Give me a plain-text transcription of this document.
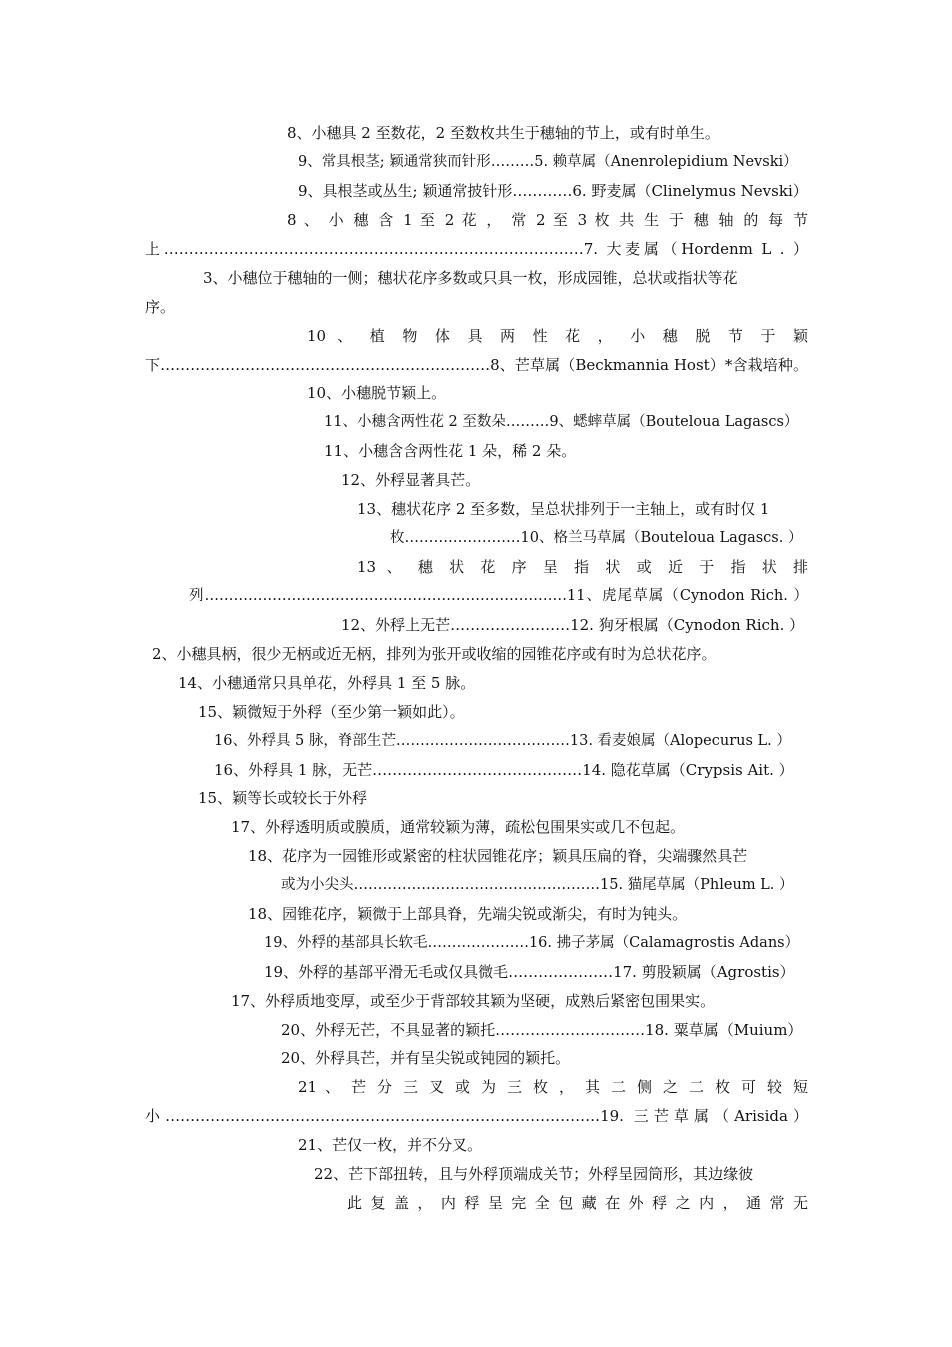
8、小穗具 2 至数花，2 至数枚共生于穗轴的节上，或有时单生。
9、常具根茎; 颖通常狭而针形………5. 赖草属（Anenrolepidium Nevski）
9、具根茎或丛生; 颖通常披针形…………6. 野麦属（Clinelymus Nevski）
8 、 小 穗 含 1 至 2 花 ， 常 2 至 3 枚 共 生 于 穗 轴 的 每 节
上…………………………………………………………………………7. 大麦属（Hordenm L . ）
3、小穗位于穗轴的一侧；穗状花序多数或只具一枚，形成园锥，总状或指状等花
序。
10 、 植 物 体 具 两 性 花 ， 小 穗 脱 节 于 颖
下…………………………………………………………8、芒草属（Beckmannia Host）*含栽培种。
10、小穗脱节颖上。
11、小穗含两性花 2 至数朵………9、蟋蟀草属（Bouteloua Lagascs）
11、小穗含含两性花 1 朵，稀 2 朵。
12、外稃显著具芒。
13、穗状花序 2 至多数，呈总状排列于一主轴上，或有时仅 1
枚……………………10、格兰马草属（Bouteloua Lagascs. ）
13 、 穗 状 花 序 呈 指 状 或 近 于 指 状 排
列…………………………………………………………………11、虎尾草属（Cynodon Rich. ）
12、外稃上无芒……………………12. 狗牙根属（Cynodon Rich. ）
2、小穗具柄，很少无柄或近无柄，排列为张开或收缩的园锥花序或有时为总状花序。
14、小穗通常只具单花，外稃具 1 至 5 脉。
15、颖微短于外稃（至少第一颖如此）。
16、外稃具 5 脉，脊部生芒………………………………13. 看麦娘属（Alopecurus L. ）
16、外稃具 1 脉，无芒……………………………………14. 隐花草属（Crypsis Ait. ）
15、颖等长或较长于外稃
17、外稃透明质或膜质，通常较颖为薄，疏松包围果实或几不包起。
18、花序为一园锥形或紧密的柱状园锥花序；颖具压扁的脊，尖端骤然具芒
或为小尖头……………………………………………15. 猫尾草属（Phleum L. ）
18、园锥花序，颖微于上部具脊，先端尖锐或渐尖，有时为钝头。
19、外稃的基部具长软毛…………………16. 拂子茅属（Calamagrostis Adans）
19、外稃的基部平滑无毛或仅具微毛…………………17. 剪股颖属（Agrostis）
17、外稃质地变厚，或至少于背部较其颖为坚硬，成熟后紧密包围果实。
20、外稃无芒，不具显著的颖托…………………………18. 粟草属（Muium）
20、外稃具芒，并有呈尖锐或钝园的颖托。
21 、 芒 分 三 叉 或 为 三 枚 ， 其 二 侧 之 二 枚 可 较 短
小……………………………………………………………………………19. 三芒草属（Arisida）
21、芒仅一枚，并不分叉。
22、芒下部扭转，且与外稃顶端成关节；外稃呈园筒形，其边缘彼
此 复 盖 ， 内 稃 呈 完 全 包 藏 在 外 稃 之 内 ， 通 常 无
